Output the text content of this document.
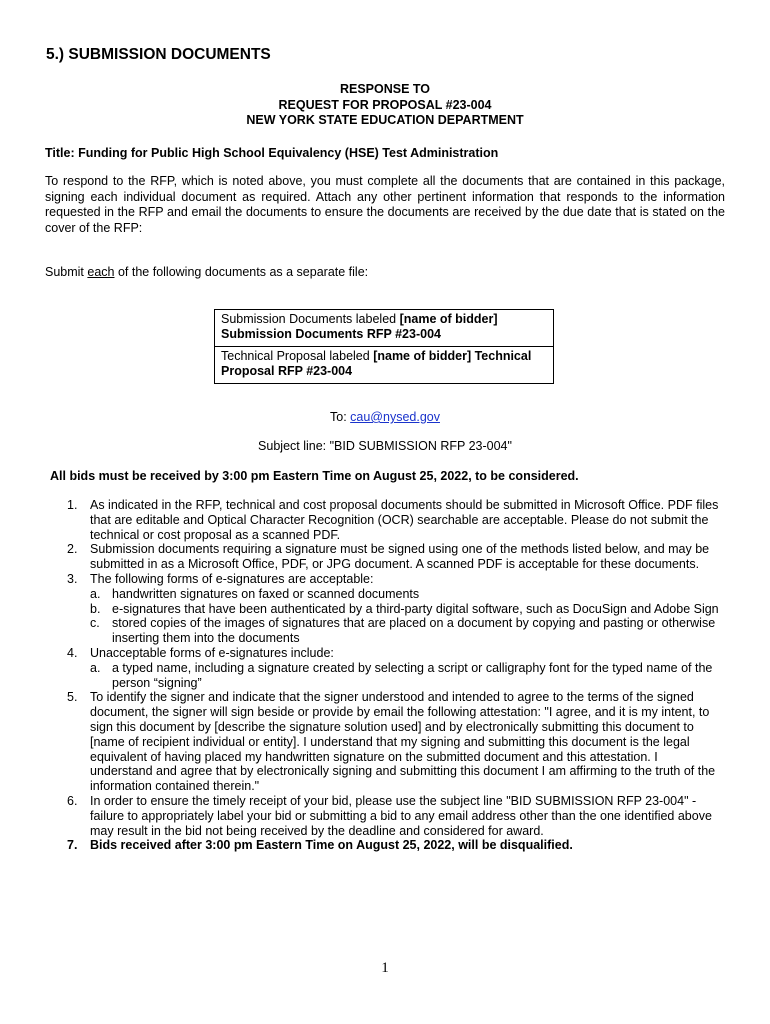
5.) SUBMISSION DOCUMENTS
RESPONSE TO
REQUEST FOR PROPOSAL #23-004
NEW YORK STATE EDUCATION DEPARTMENT
Title: Funding for Public High School Equivalency (HSE) Test Administration
To respond to the RFP, which is noted above, you must complete all the documents that are contained in this package, signing each individual document as required. Attach any other pertinent information that responds to the information requested in the RFP and email the documents to ensure the documents are received by the due date that is stated on the cover of the RFP:
Submit each of the following documents as a separate file:
Submission Documents labeled [name of bidder] Submission Documents RFP #23-004
Technical Proposal labeled [name of bidder] Technical Proposal RFP #23-004
To: cau@nysed.gov
Subject line: "BID SUBMISSION RFP 23-004"
All bids must be received by 3:00 pm Eastern Time on August 25, 2022, to be considered.
1. As indicated in the RFP, technical and cost proposal documents should be submitted in Microsoft Office. PDF files that are editable and Optical Character Recognition (OCR) searchable are acceptable. Please do not submit the technical or cost proposal as a scanned PDF.
2. Submission documents requiring a signature must be signed using one of the methods listed below, and may be submitted in as a Microsoft Office, PDF, or JPG document. A scanned PDF is acceptable for these documents.
3. The following forms of e-signatures are acceptable:
a. handwritten signatures on faxed or scanned documents
b. e-signatures that have been authenticated by a third-party digital software, such as DocuSign and Adobe Sign
c. stored copies of the images of signatures that are placed on a document by copying and pasting or otherwise inserting them into the documents
4. Unacceptable forms of e-signatures include:
a. a typed name, including a signature created by selecting a script or calligraphy font for the typed name of the person “signing”
5. To identify the signer and indicate that the signer understood and intended to agree to the terms of the signed document, the signer will sign beside or provide by email the following attestation: "I agree, and it is my intent, to sign this document by [describe the signature solution used] and by electronically submitting this document to [name of recipient individual or entity]. I understand that my signing and submitting this document is the legal equivalent of having placed my handwritten signature on the submitted document and this attestation. I understand and agree that by electronically signing and submitting this document I am affirming to the truth of the information contained therein."
6. In order to ensure the timely receipt of your bid, please use the subject line "BID SUBMISSION RFP 23-004" - failure to appropriately label your bid or submitting a bid to any email address other than the one identified above may result in the bid not being received by the deadline and considered for award.
7. Bids received after 3:00 pm Eastern Time on August 25, 2022, will be disqualified.
1
